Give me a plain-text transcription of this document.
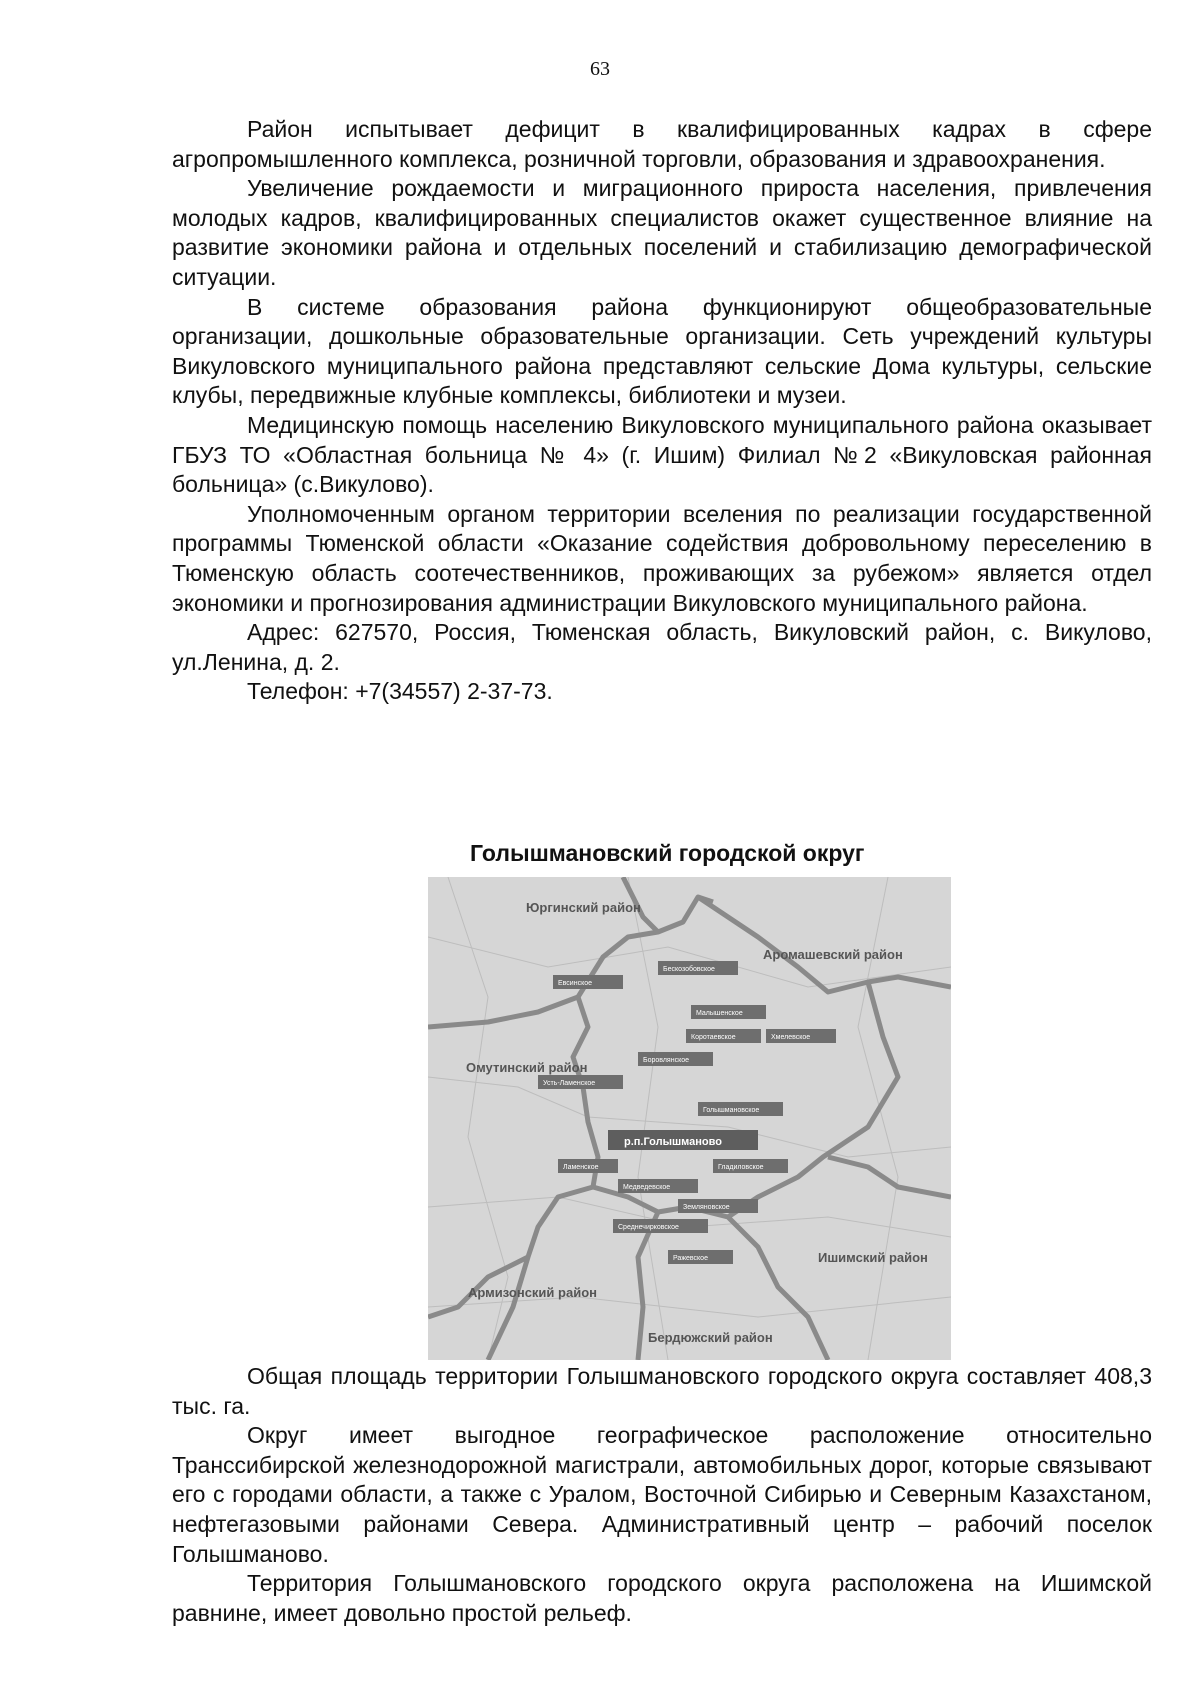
63

Район испытывает дефицит в квалифицированных кадрах в сфере агропромышленного комплекса, розничной торговли, образования и здравоохранения.

Увеличение рождаемости и миграционного прироста населения, привлечения молодых кадров, квалифицированных специалистов окажет существенное влияние на развитие экономики района и отдельных поселений и стабилизацию демографической ситуации.

В системе образования района функционируют общеобразовательные организации, дошкольные образовательные организации. Сеть учреждений культуры Викуловского муниципального района представляют сельские Дома культуры, сельские клубы, передвижные клубные комплексы, библиотеки и музеи.

Медицинскую помощь населению Викуловского муниципального района оказывает ГБУЗ ТО «Областная больница № 4» (г. Ишим) Филиал №2 «Викуловская районная больница» (с.Викулово).

Уполномоченным органом территории вселения по реализации государственной программы Тюменской области «Оказание содействия добровольному переселению в Тюменскую область соотечественников, проживающих за рубежом» является отдел экономики и прогнозирования администрации Викуловского муниципального района.

Адрес: 627570, Россия, Тюменская область, Викуловский район, с. Викулово, ул.Ленина, д. 2.

Телефон: +7(34557) 2-37-73.

Голышмановский городской округ
Юргинский район
Аромашевский район
Омутинский район
Армизонский район
Ишимский район
Бердюжский район
Евсинское
Бескозобовское
Малышенское
Коротаевское	Хмелевское
Боровлянское
Усть-Ламенское
Голышмановское
р.п.Голышманово
Ламенское	Гладиловское
Медведевское
Земляновское
Среднечирковское
Ражевское

Общая площадь территории Голышмановского городского округа составляет 408,3 тыс. га.

Округ имеет выгодное географическое расположение относительно Транссибирской железнодорожной магистрали, автомобильных дорог, которые связывают его с городами области, а также с Уралом, Восточной Сибирью и Северным Казахстаном, нефтегазовыми районами Севера. Административный центр – рабочий поселок Голышманово.

Территория Голышмановского городского округа расположена на Ишимской равнине, имеет довольно простой рельеф.
